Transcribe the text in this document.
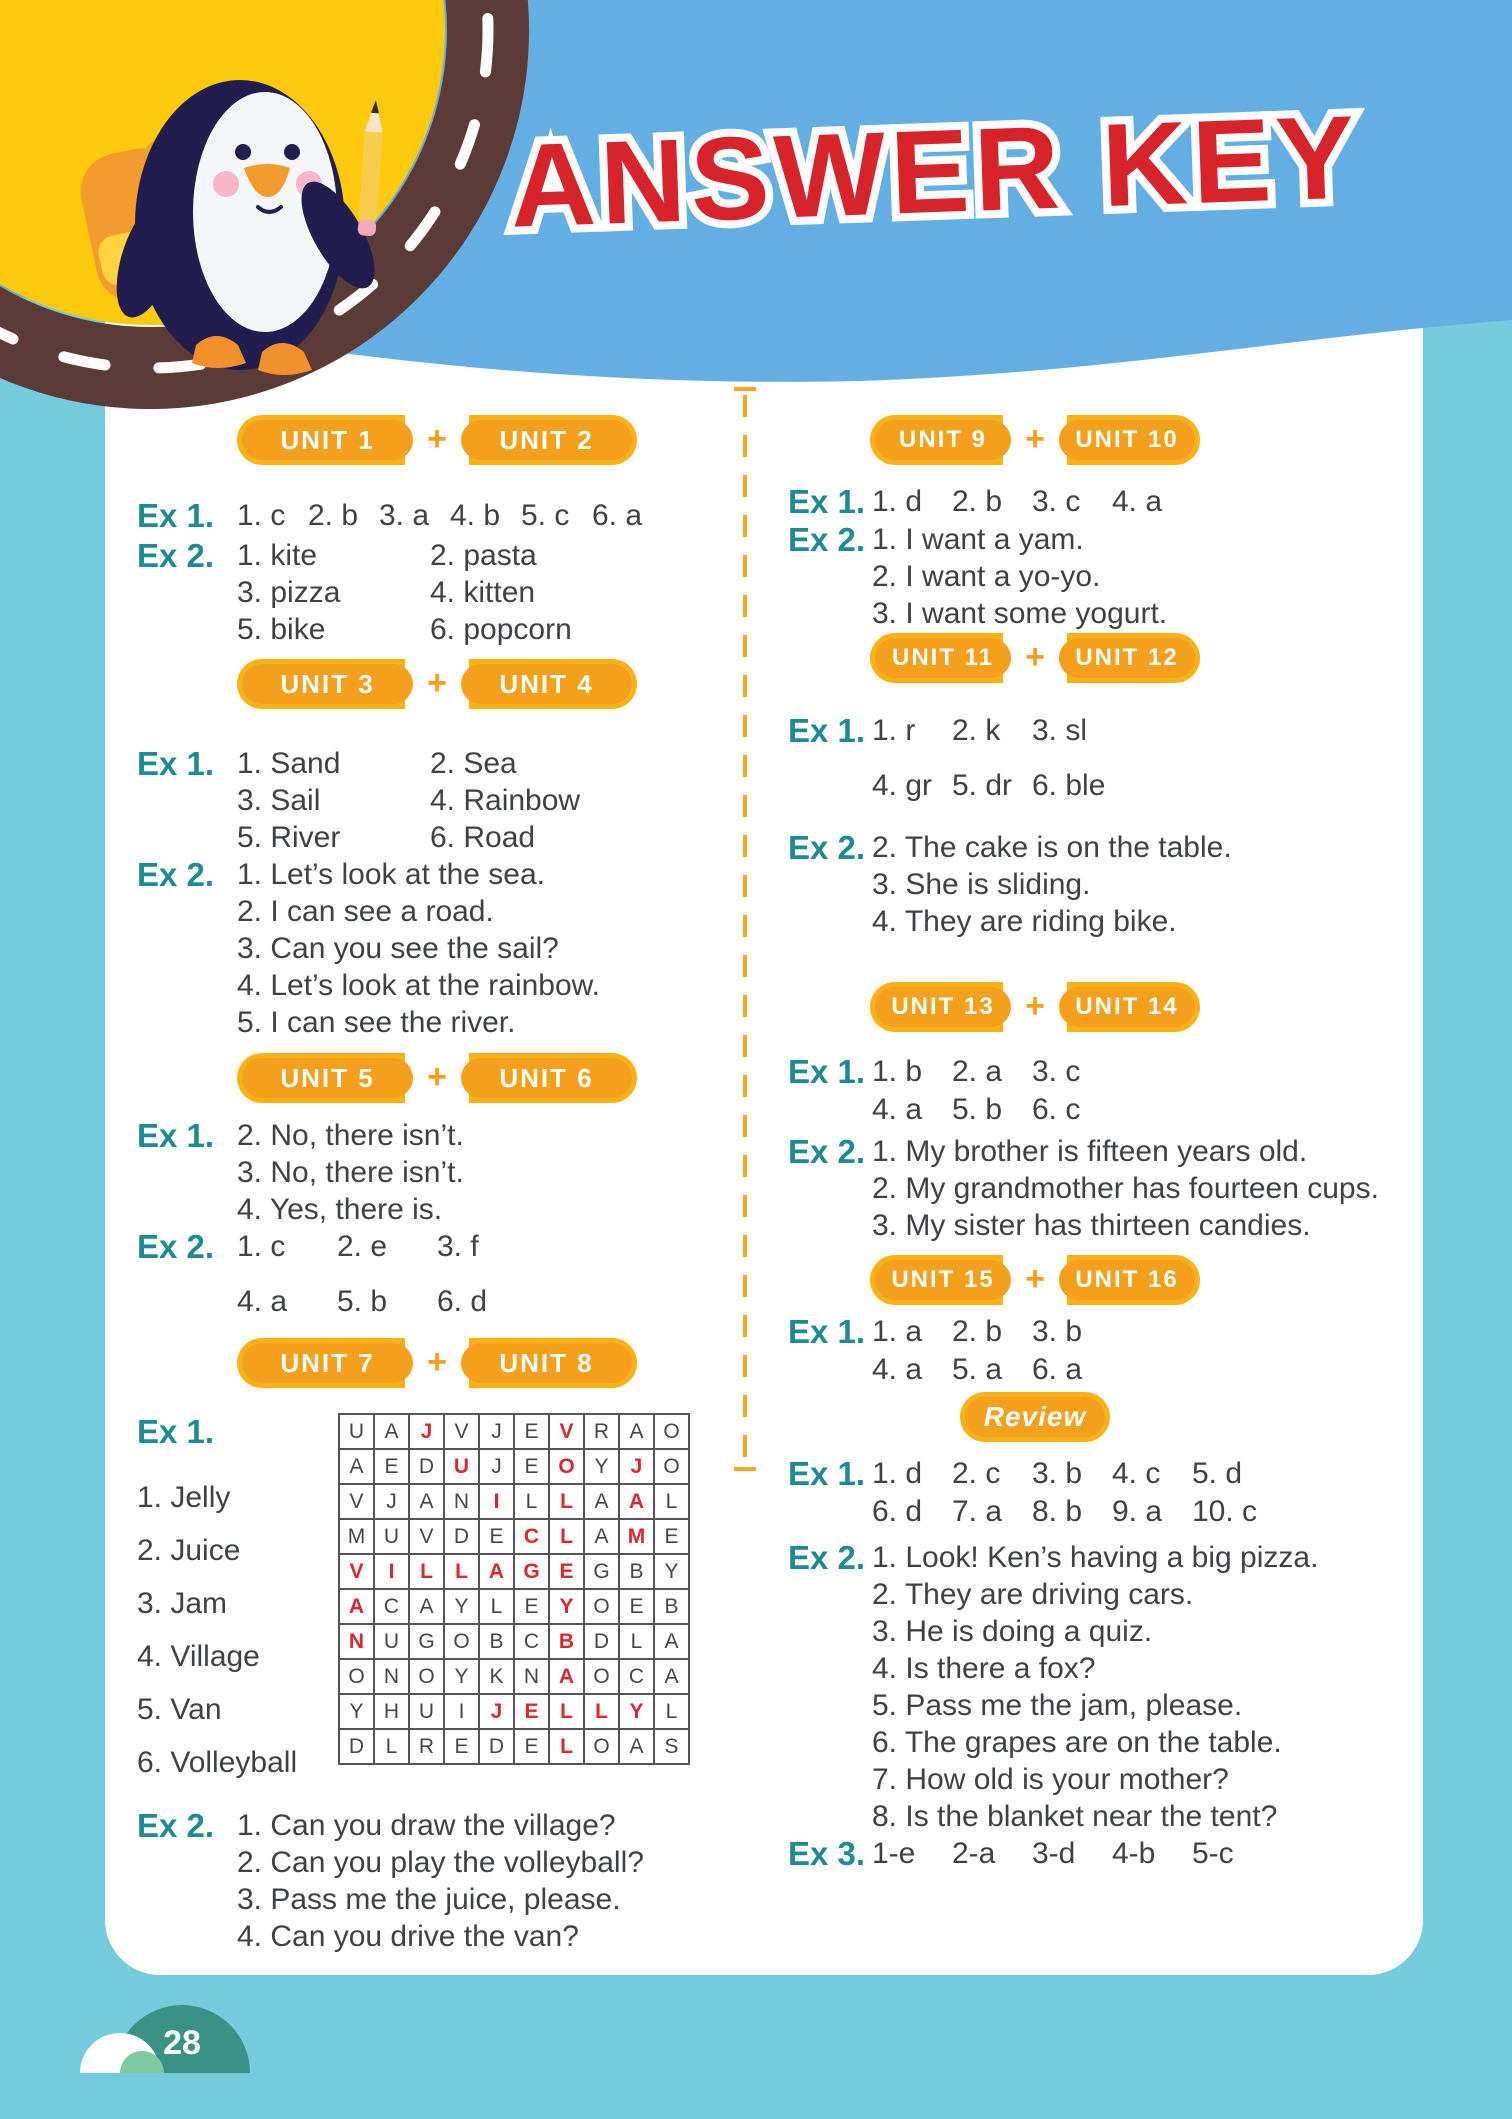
ANSWER KEY
+
UNIT 1	UNIT 2
Ex 1. 1. c 2. b 3. a 4. b 5. c 6. a
Ex 2. 1. kite	2. pasta
3. pizza	4. kitten
5. bike	6. popcorn
+
UNIT 3	UNIT 4
Ex 1. 1. Sand	2. Sea
3. Sail	4. Rainbow
5. River	6. Road
Ex 2. 1. Let’s look at the sea.
2. I can see a road.
3. Can you see the sail?
4. Let’s look at the rainbow.
5. I can see the river.
+
UNIT 5	UNIT 6
Ex 1. 2. No, there isn’t.
3. No, there isn’t.
4. Yes, there is.
Ex 2. 1. c	2. e	3. f
4. a	5. b	6. d
+
UNIT 7	UNIT 8
Ex 1.
1. Jelly
2. Juice
3. Jam
4. Village
5. Van
6. Volleyball
U	A	J	V	J	E	V	R	A	O
A	E	D	U	J	E	O	Y	J	O
V	J	A	N	I	L	L	A	A	L
M	U	V	D	E	C	L	A	M	E
V	I	L	L	A	G	E	G	B	Y
A	C	A	Y	L	E	Y	O	E	B
N	U	G	O	B	C	B	D	L	A
O	N	O	Y	K	N	A	O	C	A
Y	H	U	I	J	E	L	L	Y	L
D	L	R	E	D	E	L	O	A	S
Ex 2. 1. Can you draw the village?
2. Can you play the volleyball?
3. Pass me the juice, please.
4. Can you drive the van?
+
UNIT 9	UNIT 10
Ex 1. 1. d 2. b 3. c	4. a
Ex 2. 1. I want a yam.
2. I want a yo-yo.
3. I want some yogurt.
+
UNIT 11	UNIT 12
Ex 1. 1. r	2. k	3. sl
4. gr 5. dr 6. ble
Ex 2. 2. The cake is on the table.
3. She is sliding.
4. They are riding bike.
+
UNIT 13	UNIT 14
Ex 1. 1. b 2. a 3. c
4. a 5. b 6. c
Ex 2. 1. My brother is fifteen years old.
2. My grandmother has fourteen cups.
3. My sister has thirteen candies.
+
UNIT 15	UNIT 16
Ex 1. 1. a 2. b 3. b
4. a 5. a 6. a
Review
Ex 1. 1. d 2. c	3. b 4. c	5. d
6. d 7. a 8. b 9. a 10. c
Ex 2. 1. Look! Ken’s having a big pizza.
2. They are driving cars.
3. He is doing a quiz.
4. Is there a fox?
5. Pass me the jam, please.
6. The grapes are on the table.
7. How old is your mother?
8. Is the blanket near the tent?
Ex 3. 1-e	2-a	3-d	4-b	5-c
28
